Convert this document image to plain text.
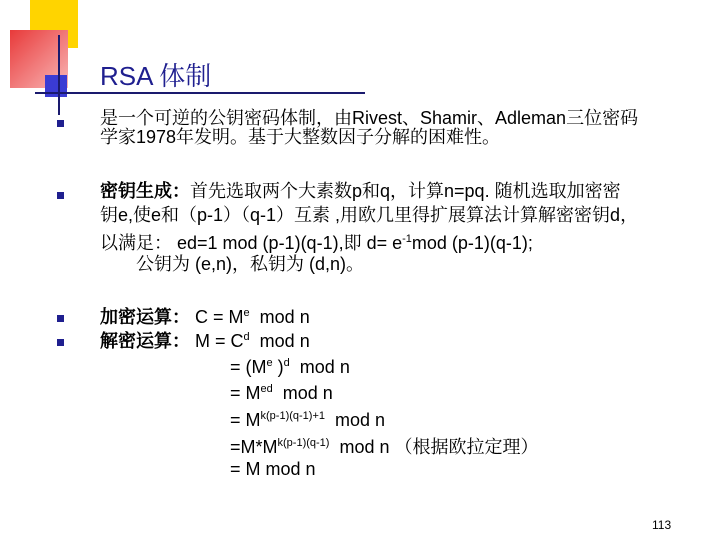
RSA 体制
是一个可逆的公钥密码体制，由Rivest、Shamir、Adleman三位密码
学家1978年发明。基于大整数因子分解的困难性。
密钥生成：首先选取两个大素数p和q，计算n=pq. 随机选取加密密
钥e,使e和（p-1）（q-1）互素 ,用欧几里得扩展算法计算解密密钥d，
以满足： ed=1 mod (p-1)(q-1),即 $d= e^{-1}mod$ (p-1)(q-1);
公钥为 (e,n)，私钥为 (d,n)。
加密运算： $C = M^e$ mod n
解密运算： $M = C^d$ mod n
= ($M^e$ )$^d$ mod n
= $M^{ed}$ mod n
= $M^{k(p-1)(q-1)+1}$ mod n
$=M*M^{k(p-1)(q-1)}$ mod n （根据欧拉定理）
= M mod n
113
